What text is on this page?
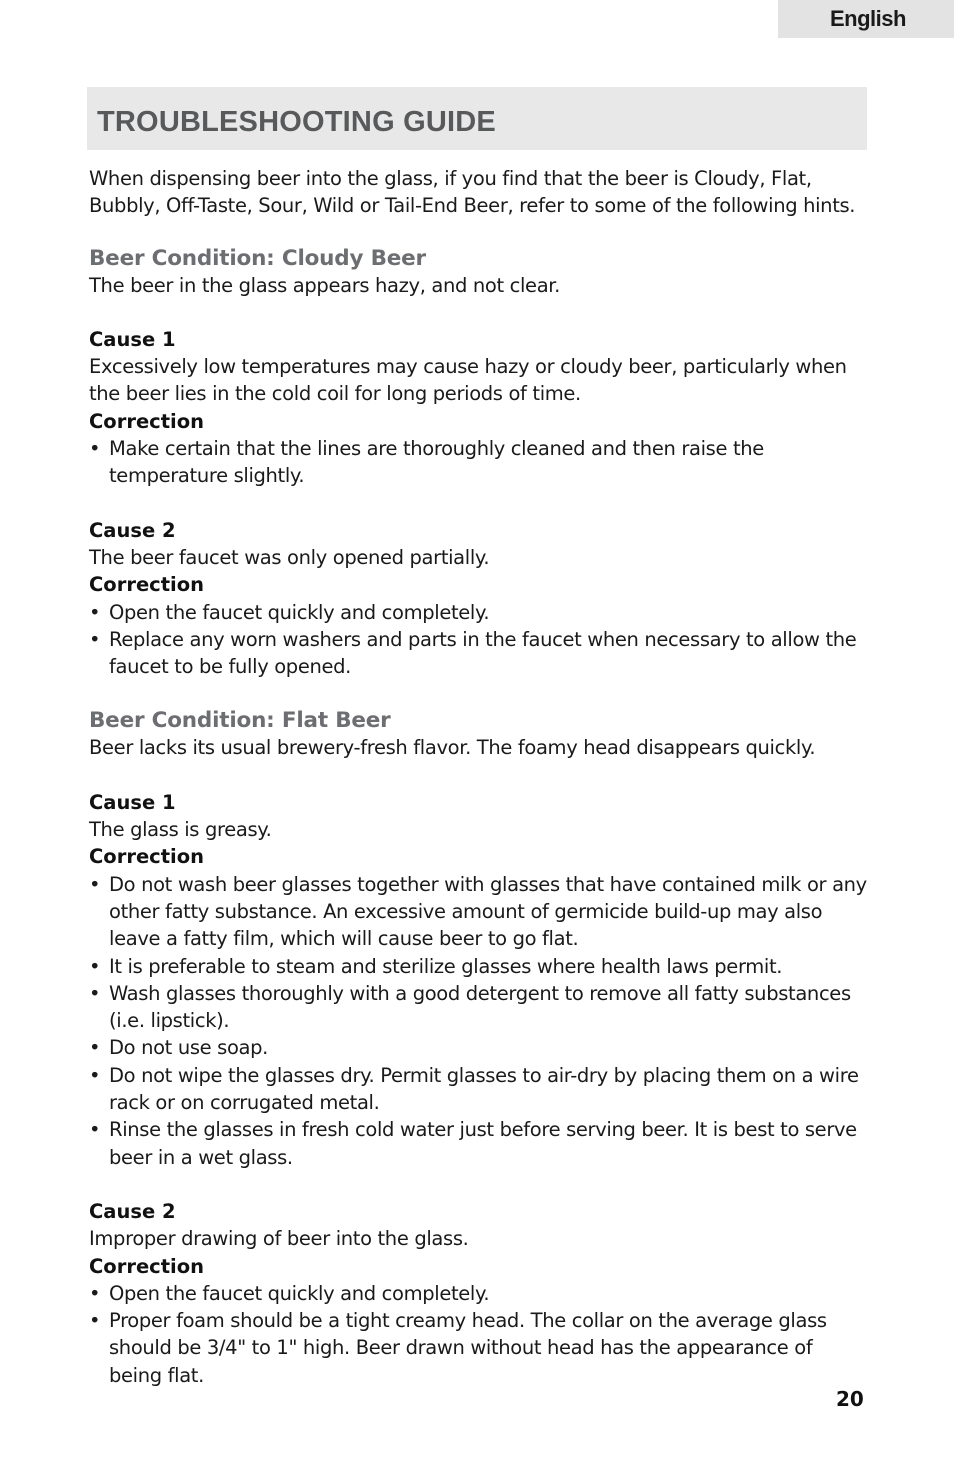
English
TROUBLESHOOTING GUIDE

When dispensing beer into the glass, if you find that the beer is Cloudy, Flat, Bubbly, Off-Taste, Sour, Wild or Tail-End Beer, refer to some of the following hints.

Beer Condition: Cloudy Beer

The beer in the glass appears hazy, and not clear.

Cause 1

Excessively low temperatures may cause hazy or cloudy beer, particularly when the beer lies in the cold coil for long periods of time.

Correction
• Make certain that the lines are thoroughly cleaned and then raise the temperature slightly.
Cause 2

The beer faucet was only opened partially.

Correction
• Open the faucet quickly and completely.
• Replace any worn washers and parts in the faucet when necessary to allow the faucet to be fully opened.
Beer Condition: Flat Beer

Beer lacks its usual brewery-fresh flavor. The foamy head disappears quickly.

Cause 1

The glass is greasy.

Correction
• Do not wash beer glasses together with glasses that have contained milk or any other fatty substance. An excessive amount of germicide build-up may also leave a fatty film, which will cause beer to go flat.
• It is preferable to steam and sterilize glasses where health laws permit.
• Wash glasses thoroughly with a good detergent to remove all fatty substances (i.e. lipstick).
• Do not use soap.
• Do not wipe the glasses dry. Permit glasses to air-dry by placing them on a wire rack or on corrugated metal.
• Rinse the glasses in fresh cold water just before serving beer. It is best to serve beer in a wet glass.
Cause 2

Improper drawing of beer into the glass.

Correction
• Open the faucet quickly and completely.
• Proper foam should be a tight creamy head. The collar on the average glass should be 3/4" to 1" high. Beer drawn without head has the appearance of being flat.
20
